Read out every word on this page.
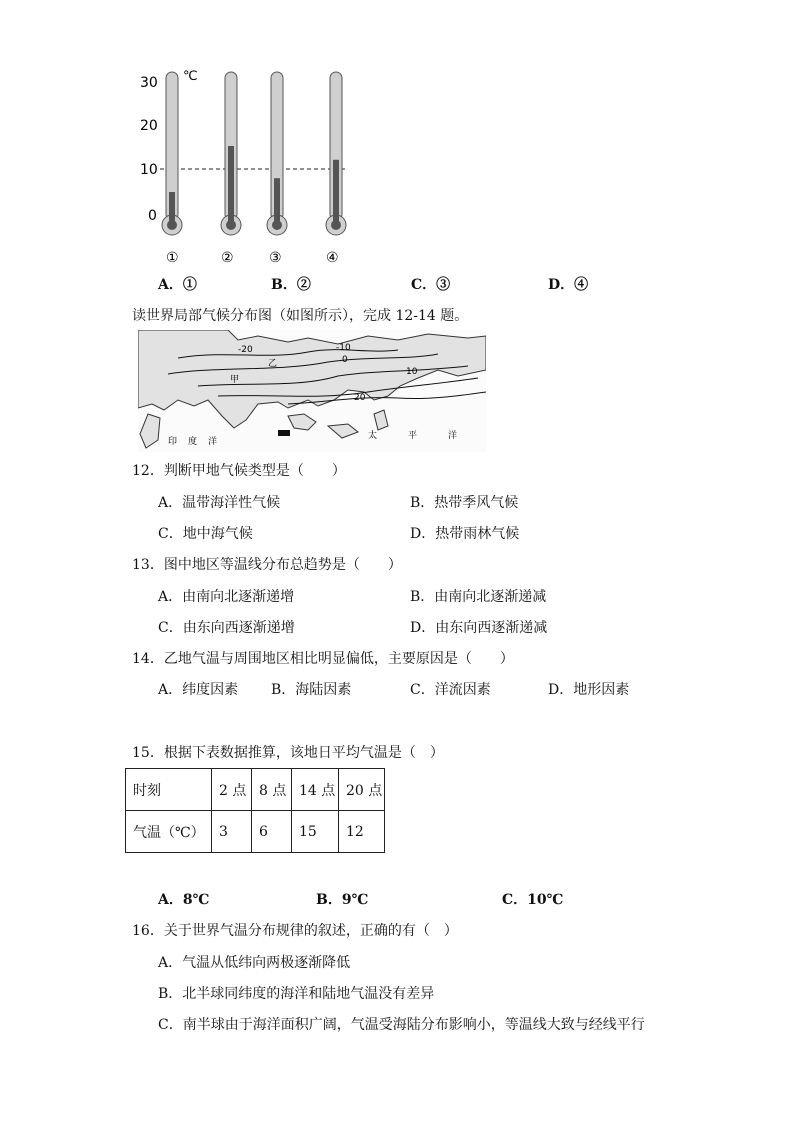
30
20
10
0
℃
①	②	③	④
A．①	B．②	C．③	D．④
读世界局部气候分布图（如图所示），完成 12-14 题。
-20	-10
0
10
20
甲
乙
印 度 洋
太	平	洋
12．判断甲地气候类型是（　　）
A．温带海洋性气候	B．热带季风气候
C．地中海气候	D．热带雨林气候
13．图中地区等温线分布总趋势是（　　）
A．由南向北逐渐递增	B．由南向北逐渐递减
C．由东向西逐渐递增	D．由东向西逐渐递减
14．乙地气温与周围地区相比明显偏低，主要原因是（　　）
A．纬度因素 B．海陆因素	C．洋流因素	D．地形因素
15．根据下表数据推算，该地日平均气温是（　）
时刻	2 点	8 点	14 点	20 点
气温（℃）	3	6	15	12
A．8℃	B．9℃	C．10℃
16．关于世界气温分布规律的叙述，正确的有（　）
A．气温从低纬向两极逐渐降低
B．北半球同纬度的海洋和陆地气温没有差异
C．南半球由于海洋面积广阔，气温受海陆分布影响小，等温线大致与经线平行
